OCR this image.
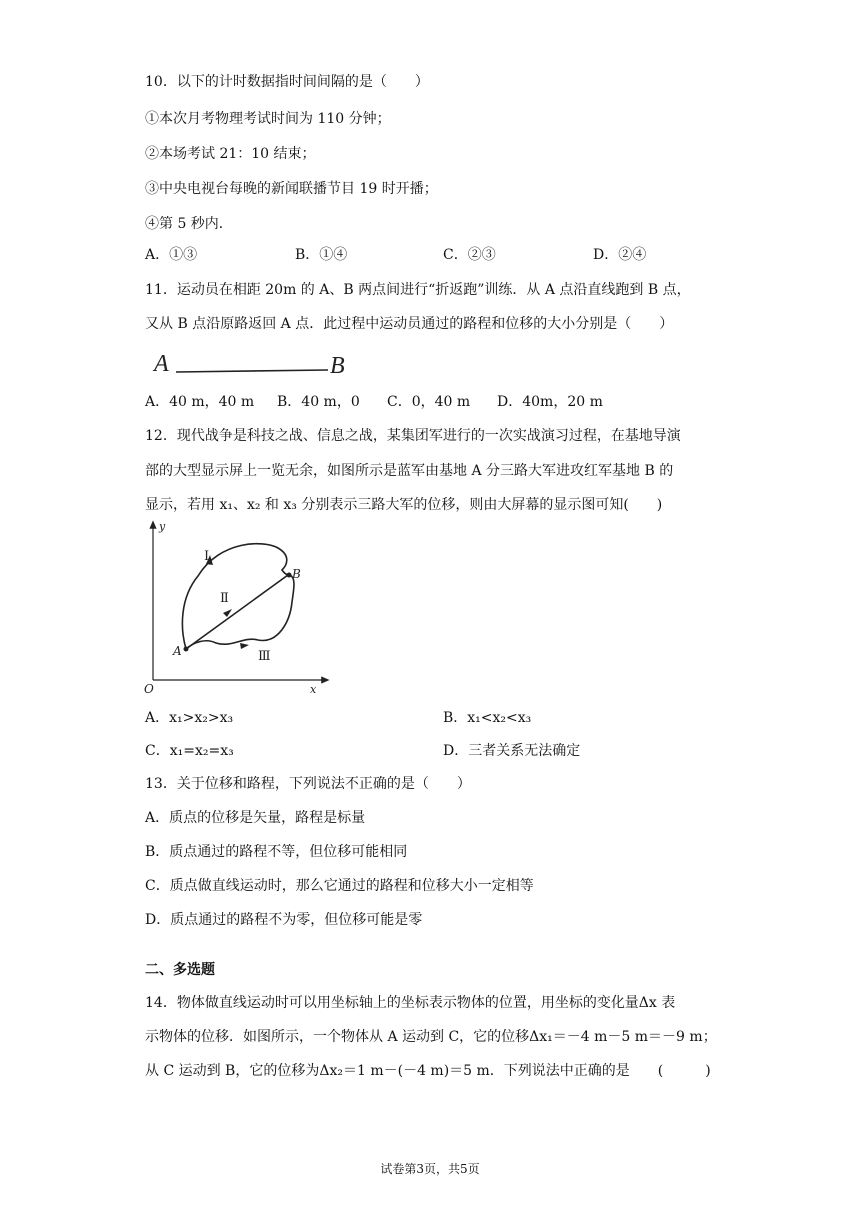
10．以下的计时数据指时间间隔的是（　　）
①本次月考物理考试时间为 110 分钟；
②本场考试 21：10 结束；
③中央电视台每晚的新闻联播节目 19 时开播；
④第 5 秒内．
A．①③	B．①④	C．②③	D．②④
11．运动员在相距 20m 的 A、B 两点间进行“折返跑”训练．从 A 点沿直线跑到 B 点，
又从 B 点沿原路返回 A 点．此过程中运动员通过的路程和位移的大小分别是（　　）
A	B
A．40 m，40 m B．40 m，0 C．0，40 m D．40m，20 m
12．现代战争是科技之战、信息之战，某集团军进行的一次实战演习过程，在基地导演
部的大型显示屏上一览无余，如图所示是蓝军由基地 A 分三路大军进攻红军基地 B 的
显示，若用 x₁、x₂ 和 x₃ 分别表示三路大军的位移，则由大屏幕的显示图可知(　　)
y
x
O
A
B
Ⅰ
Ⅱ
Ⅲ
A．x₁>x₂>x₃	B．x₁<x₂<x₃
C．x₁=x₂=x₃	D．三者关系无法确定
13．关于位移和路程，下列说法不正确的是（　　）
A．质点的位移是矢量，路程是标量
B．质点通过的路程不等，但位移可能相同
C．质点做直线运动时，那么它通过的路程和位移大小一定相等
D．质点通过的路程不为零，但位移可能是零
二、多选题
14．物体做直线运动时可以用坐标轴上的坐标表示物体的位置，用坐标的变化量Δx 表
示物体的位移．如图所示，一个物体从 A 运动到 C，它的位移Δx₁＝－4 m－5 m＝－9 m；
从 C 运动到 B，它的位移为Δx₂＝1 m－(－4 m)＝5 m．下列说法中正确的是　　(　　　)
试卷第3页，共5页
